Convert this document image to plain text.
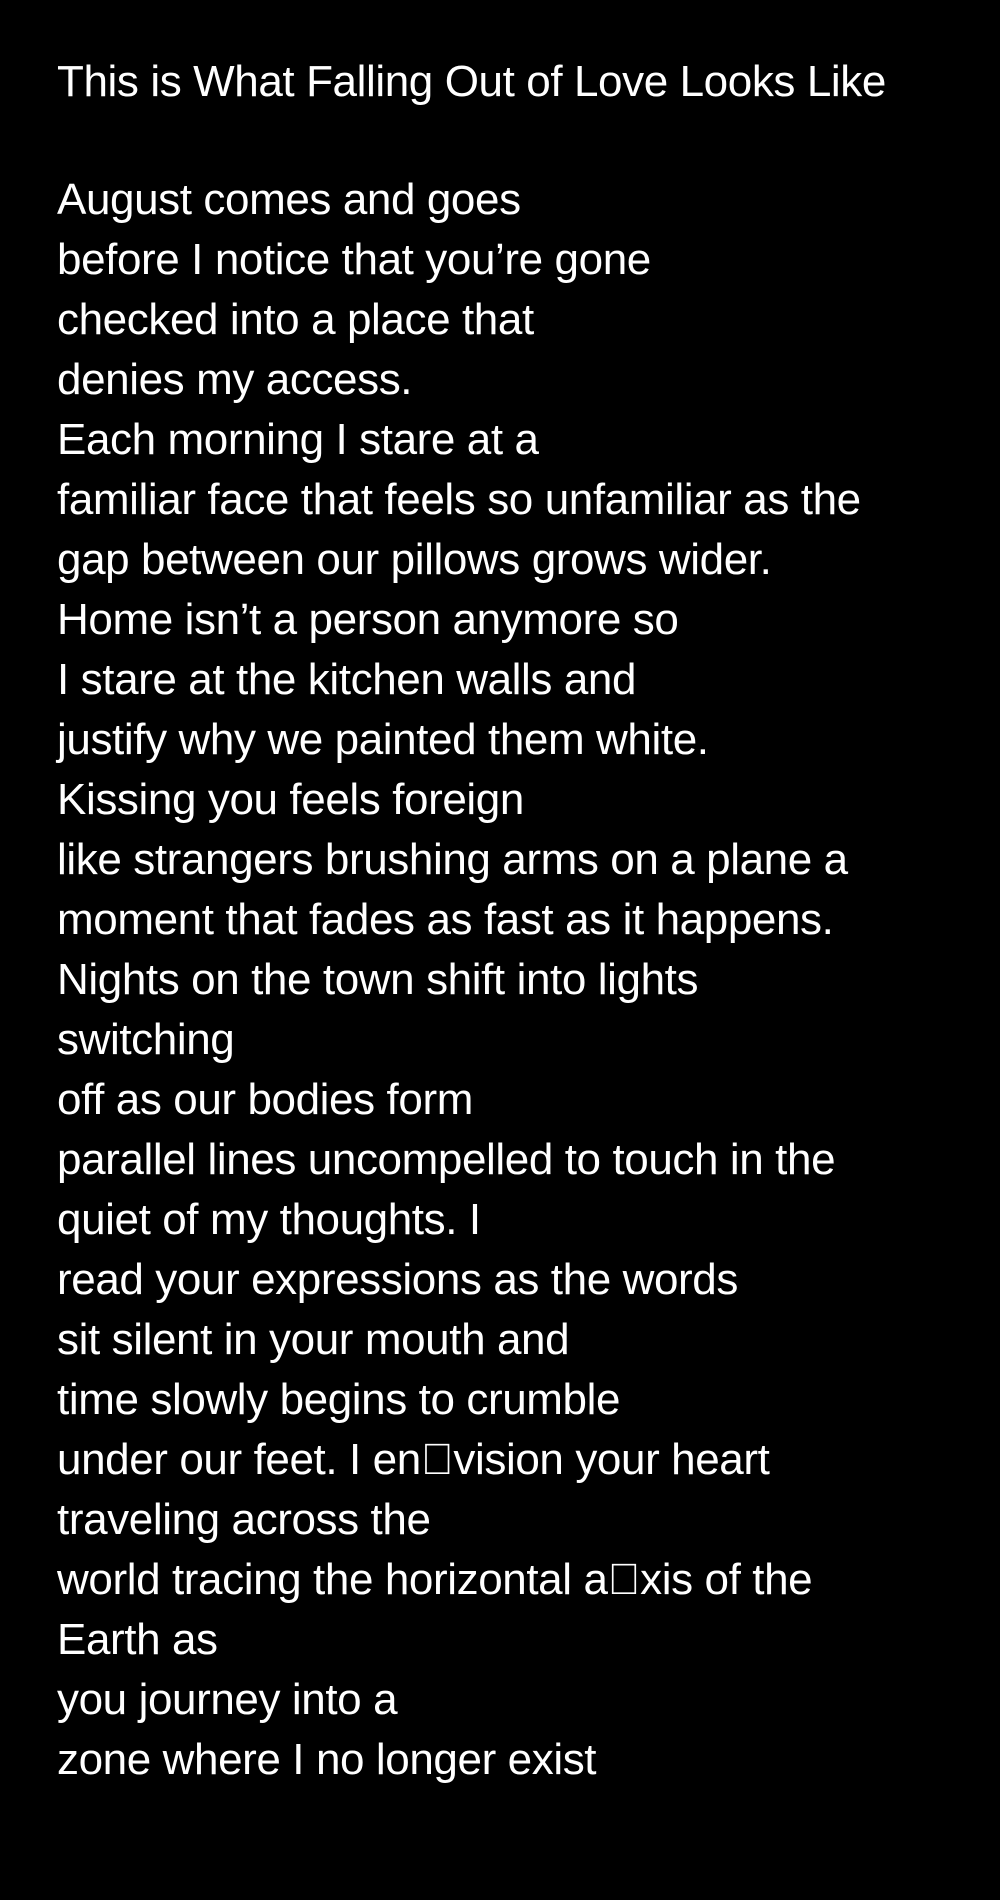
This is What Falling Out of Love Looks Like
August comes and goes
before I notice that you’re gone
checked into a place that
denies my access.
Each morning I stare at a
familiar face that feels so unfamiliar as the
gap between our pillows grows wider.
Home isn’t a person anymore so
I stare at the kitchen walls and
justify why we painted them white.
Kissing you feels foreign
like strangers brushing arms on a plane a
moment that fades as fast as it happens.
Nights on the town shift into lights
switching
off as our bodies form
parallel lines uncompelled to touch in the
quiet of my thoughts. I
read your expressions as the words
sit silent in your mouth and
time slowly begins to crumble
under our feet. I en vision your heart
traveling across the
world tracing the horizontal a xis of the
Earth as
you journey into a
zone where I no longer exist
